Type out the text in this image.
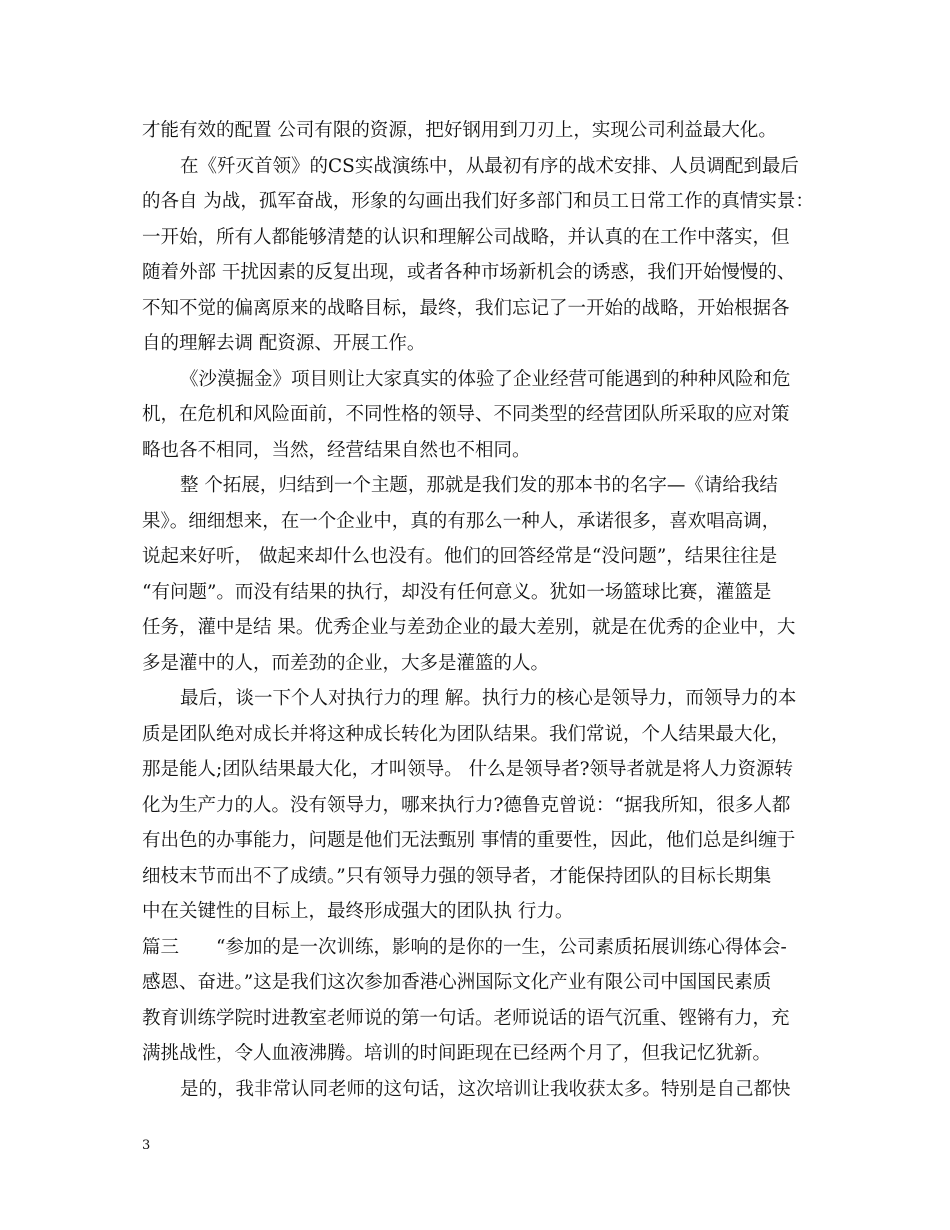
才能有效的配置 公司有限的资源，把好钢用到刀刃上，实现公司利益最大化。
在《歼灭首领》的CS实战演练中，从最初有序的战术安排、人员调配到最后
的各自 为战，孤军奋战，形象的勾画出我们好多部门和员工日常工作的真情实景：
一开始，所有人都能够清楚的认识和理解公司战略，并认真的在工作中落实，但
随着外部 干扰因素的反复出现，或者各种市场新机会的诱惑，我们开始慢慢的、
不知不觉的偏离原来的战略目标，最终，我们忘记了一开始的战略，开始根据各
自的理解去调 配资源、开展工作。
《沙漠掘金》项目则让大家真实的体验了企业经营可能遇到的种种风险和危
机，在危机和风险面前，不同性格的领导、不同类型的经营团队所采取的应对策
略也各不相同，当然，经营结果自然也不相同。
整 个拓展，归结到一个主题，那就是我们发的那本书的名字—《请给我结
果》。细细想来，在一个企业中，真的有那么一种人，承诺很多，喜欢唱高调，
说起来好听， 做起来却什么也没有。他们的回答经常是“没问题”，结果往往是
“有问题”。而没有结果的执行，却没有任何意义。犹如一场篮球比赛，灌篮是
任务，灌中是结 果。优秀企业与差劲企业的最大差别，就是在优秀的企业中，大
多是灌中的人，而差劲的企业，大多是灌篮的人。
最后，谈一下个人对执行力的理 解。执行力的核心是领导力，而领导力的本
质是团队绝对成长并将这种成长转化为团队结果。我们常说，个人结果最大化，
那是能人;团队结果最大化，才叫领导。 什么是领导者?领导者就是将人力资源转
化为生产力的人。没有领导力，哪来执行力?德鲁克曾说：“据我所知，很多人都
有出色的办事能力，问题是他们无法甄别 事情的重要性，因此，他们总是纠缠于
细枝末节而出不了成绩。”只有领导力强的领导者，才能保持团队的目标长期集
中在关键性的目标上，最终形成强大的团队执 行力。
篇三　　“参加的是一次训练，影响的是你的一生，公司素质拓展训练心得体会-
感恩、奋进。”这是我们这次参加香港心洲国际文化产业有限公司中国国民素质
教育训练学院时进教室老师说的第一句话。老师说话的语气沉重、铿锵有力，充
满挑战性，令人血液沸腾。培训的时间距现在已经两个月了，但我记忆犹新。
是的，我非常认同老师的这句话，这次培训让我收获太多。特别是自己都快
3
